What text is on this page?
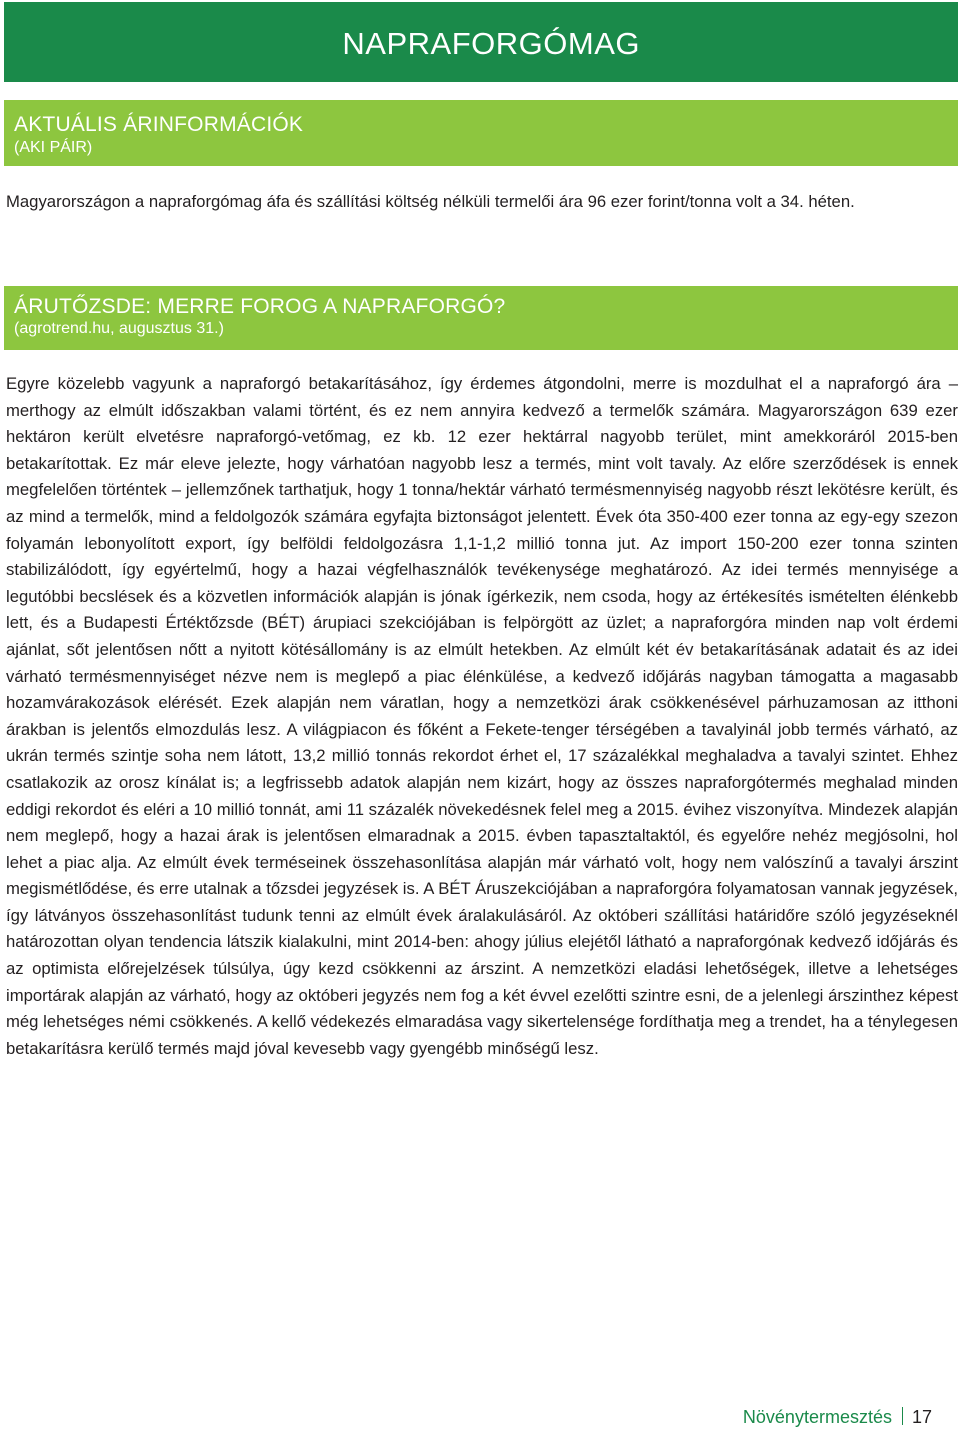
NAPRAFORGÓMAG
AKTUÁLIS ÁRINFORMÁCIÓK
(AKI PÁIR)

Magyarországon a napraforgómag áfa és szállítási költség nélküli termelői ára 96 ezer forint/tonna volt a 34. héten.

ÁRUTŐZSDE: MERRE FOROG A NAPRAFORGÓ?
(agrotrend.hu, augusztus 31.)

Egyre közelebb vagyunk a napraforgó betakarításához, így érdemes átgondolni, merre is mozdulhat el a napraforgó ára – merthogy az elmúlt időszakban valami történt, és ez nem annyira kedvező a termelők számára. Magyarországon 639 ezer hektáron került elvetésre napraforgó-vetőmag, ez kb. 12 ezer hektárral nagyobb terület, mint amekkoráról 2015-ben betakarítottak. Ez már eleve jelezte, hogy várhatóan nagyobb lesz a termés, mint volt tavaly. Az előre szerződések is ennek megfelelően történtek – jellemzőnek tarthatjuk, hogy 1 tonna/hektár várható termésmennyiség nagyobb részt lekötésre került, és az mind a termelők, mind a feldolgozók számára egyfajta biztonságot jelentett. Évek óta 350-400 ezer tonna az egy-egy szezon folyamán lebonyolított export, így belföldi feldolgozásra 1,1-1,2 millió tonna jut. Az import 150-200 ezer tonna szinten stabilizálódott, így egyértelmű, hogy a hazai végfelhasználók tevékenysége meghatározó. Az idei termés mennyisége a legutóbbi becslések és a közvetlen információk alapján is jónak ígérkezik, nem csoda, hogy az értékesítés ismételten élénkebb lett, és a Budapesti Értéktőzsde (BÉT) árupiaci szekciójában is felpörgött az üzlet; a napraforgóra minden nap volt érdemi ajánlat, sőt jelentősen nőtt a nyitott kötésállomány is az elmúlt hetekben. Az elmúlt két év betakarításának adatait és az idei várható termésmennyiséget nézve nem is meglepő a piac élénkülése, a kedvező időjárás nagyban támogatta a magasabb hozamvárakozások elérését. Ezek alapján nem váratlan, hogy a nemzetközi árak csökkenésével párhuzamosan az itthoni árakban is jelentős elmozdulás lesz. A világpiacon és főként a Fekete-tenger térségében a tavalyinál jobb termés várható, az ukrán termés szintje soha nem látott, 13,2 millió tonnás rekordot érhet el, 17 százalékkal meghaladva a tavalyi szintet. Ehhez csatlakozik az orosz kínálat is; a legfrissebb adatok alapján nem kizárt, hogy az összes napraforgótermés meghalad minden eddigi rekordot és eléri a 10 millió tonnát, ami 11 százalék növekedésnek felel meg a 2015. évihez viszonyítva. Mindezek alapján nem meglepő, hogy a hazai árak is jelentősen elmaradnak a 2015. évben tapasztaltaktól, és egyelőre nehéz megjósolni, hol lehet a piac alja. Az elmúlt évek terméseinek összehasonlítása alapján már várható volt, hogy nem valószínű a tavalyi árszint megismétlődése, és erre utalnak a tőzsdei jegyzések is. A BÉT Áruszekciójában a napraforgóra folyamatosan vannak jegyzések, így látványos összehasonlítást tudunk tenni az elmúlt évek áralakulásáról. Az októberi szállítási határidőre szóló jegyzéseknél határozottan olyan tendencia látszik kialakulni, mint 2014-ben: ahogy július elejétől látható a napraforgónak kedvező időjárás és az optimista előrejelzések túlsúlya, úgy kezd csökkenni az árszint. A nemzetközi eladási lehetőségek, illetve a lehetséges importárak alapján az várható, hogy az októberi jegyzés nem fog a két évvel ezelőtti szintre esni, de a jelenlegi árszinthez képest még lehetséges némi csökkenés. A kellő védekezés elmaradása vagy sikertelensége fordíthatja meg a trendet, ha a ténylegesen betakarításra kerülő termés majd jóval kevesebb vagy gyengébb minőségű lesz.

Növénytermesztés 17
